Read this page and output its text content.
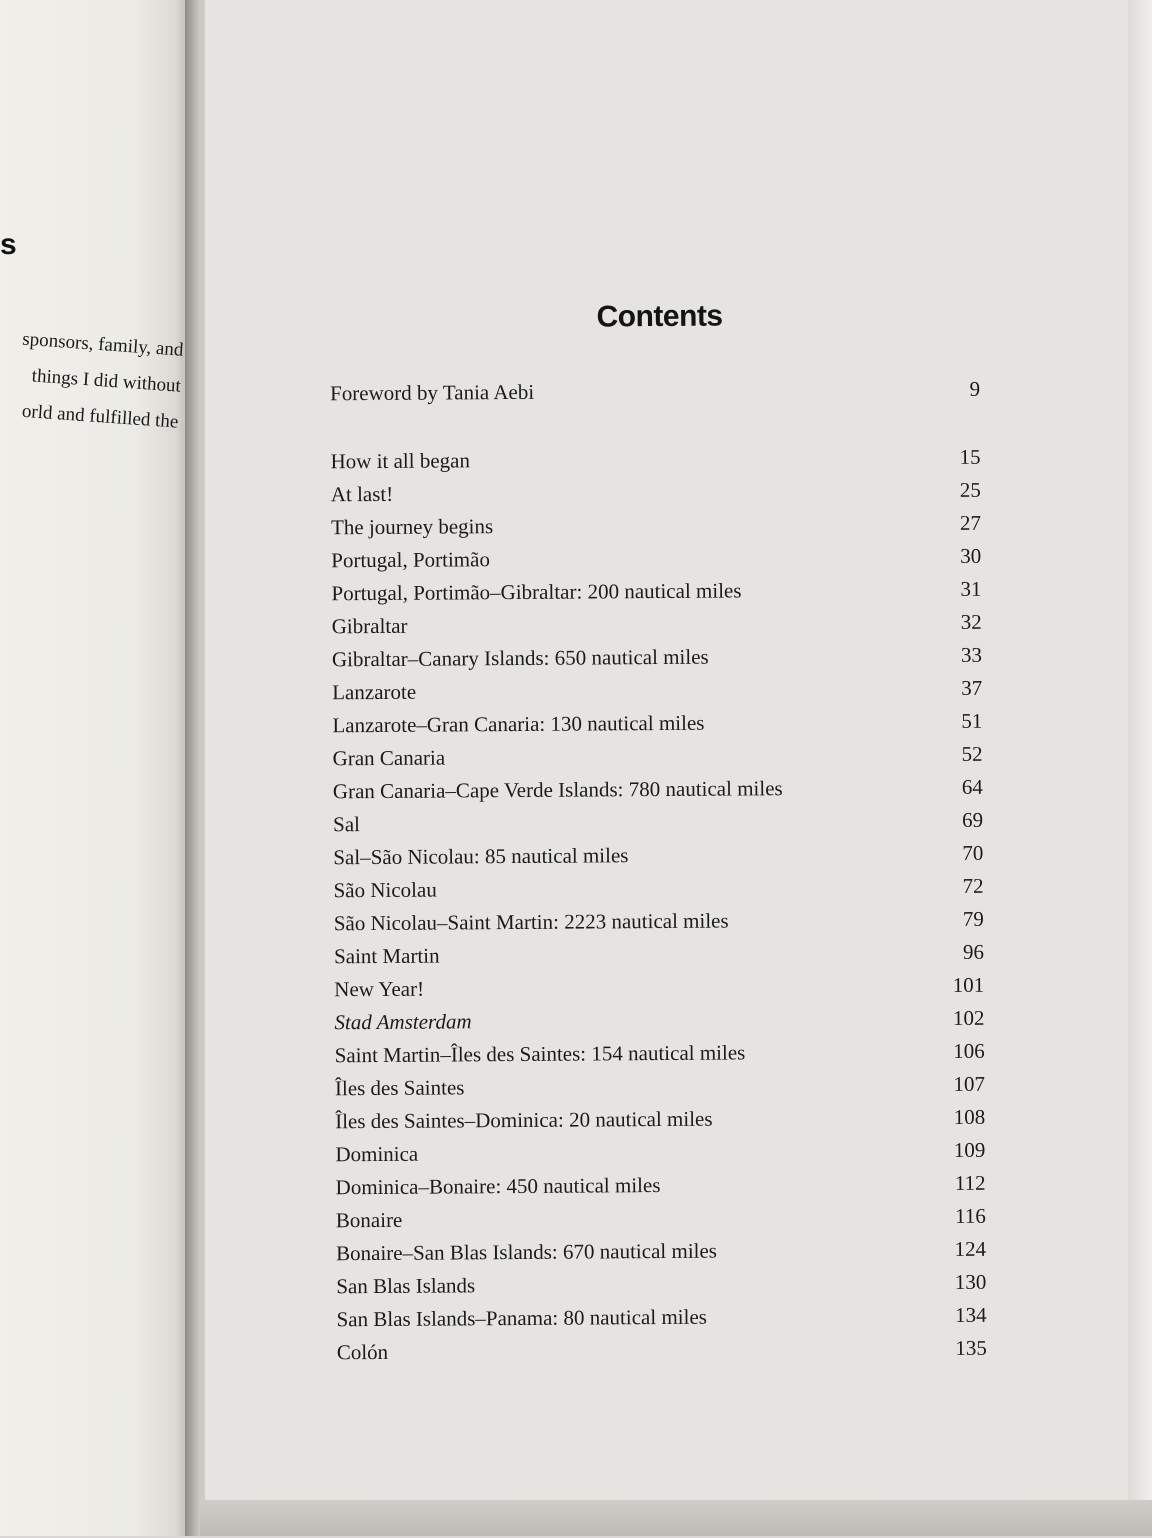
s
sponsors, family, and
things I did without
orld and fulfilled the
Contents
Foreword by Tania Aebi	9
How it all began	15
At last!	25
The journey begins	27
Portugal, Portimão	30
Portugal, Portimão–Gibraltar: 200 nautical miles	31
Gibraltar	32
Gibraltar–Canary Islands: 650 nautical miles	33
Lanzarote	37
Lanzarote–Gran Canaria: 130 nautical miles	51
Gran Canaria	52
Gran Canaria–Cape Verde Islands: 780 nautical miles	64
Sal	69
Sal–São Nicolau: 85 nautical miles	70
São Nicolau	72
São Nicolau–Saint Martin: 2223 nautical miles	79
Saint Martin	96
New Year!	101
Stad Amsterdam	102
Saint Martin–Îles des Saintes: 154 nautical miles	106
Îles des Saintes	107
Îles des Saintes–Dominica: 20 nautical miles	108
Dominica	109
Dominica–Bonaire: 450 nautical miles	112
Bonaire	116
Bonaire–San Blas Islands: 670 nautical miles	124
San Blas Islands	130
San Blas Islands–Panama: 80 nautical miles	134
Colón	135
